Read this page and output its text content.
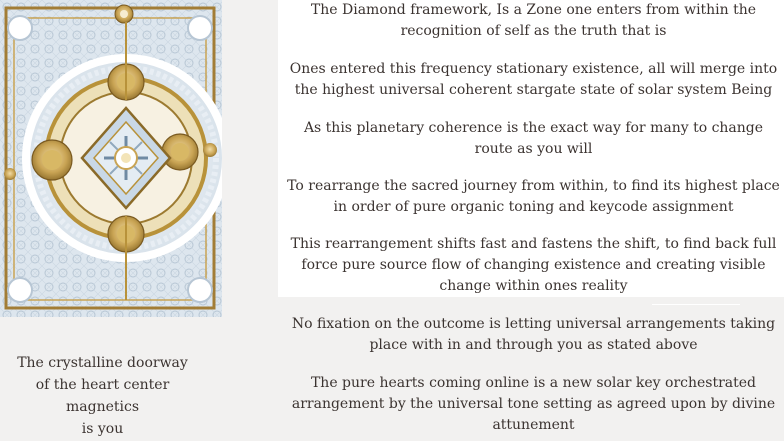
The crystalline doorway
of the heart center magnetics
is you

The Diamond framework, Is a Zone one enters from within the recognition of self as the truth that is

Ones entered this frequency stationary existence, all will merge into the highest universal coherent stargate state of solar system Being

As this planetary coherence is the exact way for many to change route as you will

To rearrange the sacred journey from within, to find its highest place in order of pure organic toning and keycode assignment

This rearrangement shifts fast and fastens the shift, to find back full force pure source flow of changing existence and creating visible change within ones reality

No fixation on the outcome is letting universal arrangements taking place with in and through you as stated above

The pure hearts coming online is a new solar key orchestrated arrangement by the universal tone setting as agreed upon by divine attunement
